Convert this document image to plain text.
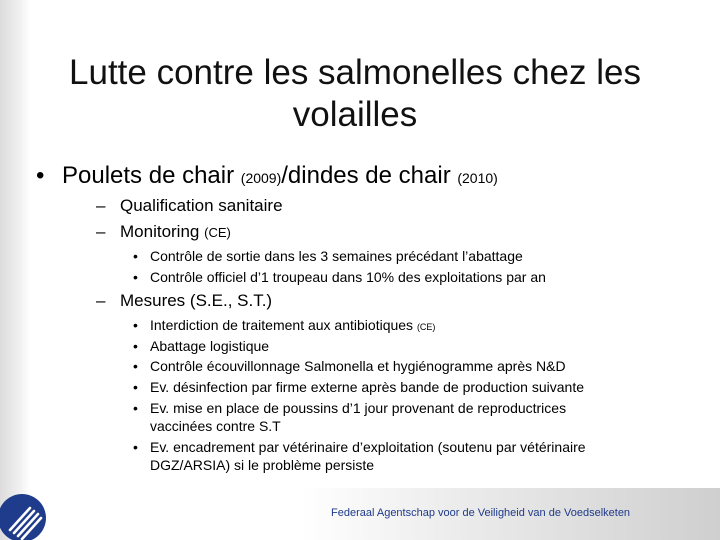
Lutte contre les salmonelles chez les
volailles
• Poulets de chair (2009)/dindes de chair (2010)
– Qualification sanitaire
– Monitoring (CE)
• Contrôle de sortie dans les 3 semaines précédant l’abattage
• Contrôle officiel d’1 troupeau dans 10% des exploitations par an
– Mesures (S.E., S.T.)
• Interdiction de traitement aux antibiotiques (CE)
• Abattage logistique
• Contrôle écouvillonnage Salmonella et hygiénogramme après N&D
• Ev. désinfection par firme externe après bande de production suivante
• Ev. mise en place de poussins d’1 jour provenant de reproductrices
vaccinées contre S.T
• Ev. encadrement par vétérinaire d’exploitation (soutenu par vétérinaire
DGZ/ARSIA) si le problème persiste
Federaal Agentschap voor de Veiligheid van de Voedselketen
